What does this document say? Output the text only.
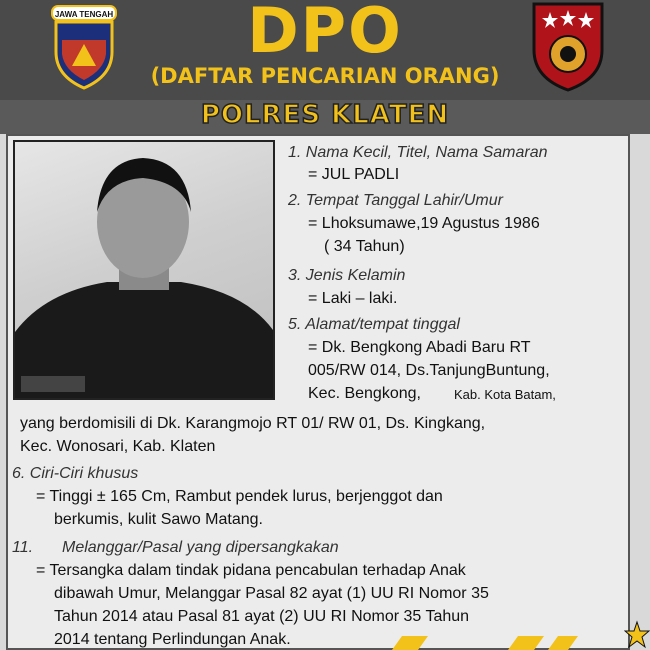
JAWA TENGAH	DPO
(DAFTAR PENCARIAN ORANG)
POLRES KLATEN
1. Nama Kecil, Titel, Nama Samaran
= JUL PADLI
2. Tempat Tanggal Lahir/Umur
= Lhoksumawe,19 Agustus 1986
( 34 Tahun)
3. Jenis Kelamin
= Laki – laki.
5. Alamat/tempat tinggal
= Dk. Bengkong Abadi Baru RT
005/RW 014, Ds.TanjungBuntung,
Kec. Bengkong,	Kab. Kota Batam,
yang berdomisili di Dk. Karangmojo RT 01/ RW 01, Ds. Kingkang,
Kec. Wonosari, Kab. Klaten
6. Ciri-Ciri khusus
= Tinggi ± 165 Cm, Rambut pendek lurus, berjenggot dan
berkumis, kulit Sawo Matang.
11. Melanggar/Pasal yang dipersangkakan
= Tersangka dalam tindak pidana pencabulan terhadap Anak
dibawah Umur, Melanggar Pasal 82 ayat (1) UU RI Nomor 35
Tahun 2014 atau Pasal 81 ayat (2) UU RI Nomor 35 Tahun
2014 tentang Perlindungan Anak.
